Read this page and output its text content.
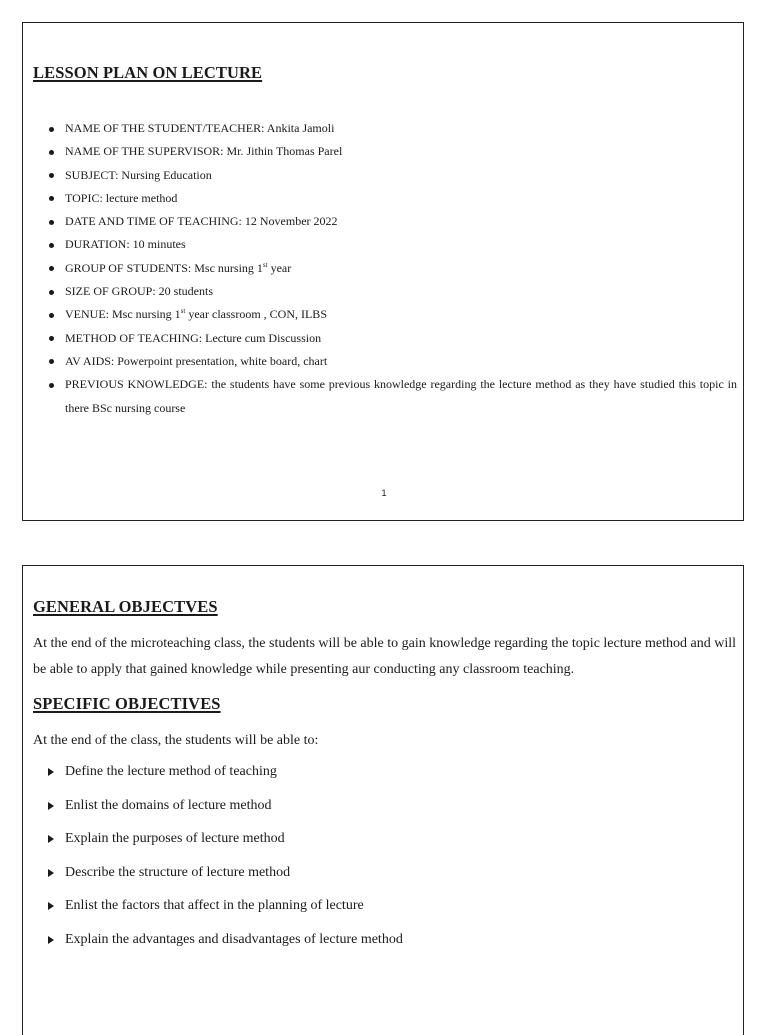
LESSON PLAN ON LECTURE
NAME OF THE STUDENT/TEACHER: Ankita Jamoli
NAME OF THE SUPERVISOR: Mr. Jithin Thomas Parel
SUBJECT: Nursing Education
TOPIC: lecture method
DATE AND TIME OF TEACHING: 12 November 2022
DURATION: 10 minutes
GROUP OF STUDENTS: Msc nursing 1st year
SIZE OF GROUP: 20 students
VENUE: Msc nursing 1st year classroom , CON, ILBS
METHOD OF TEACHING: Lecture cum Discussion
AV AIDS: Powerpoint presentation, white board, chart
PREVIOUS KNOWLEDGE: the students have some previous knowledge regarding the lecture method as they have studied this topic in there BSc nursing course
1
GENERAL OBJECTVES

At the end of the microteaching class, the students will be able to gain knowledge regarding the topic lecture method and will be able to apply that gained knowledge while presenting aur conducting any classroom teaching.

SPECIFIC OBJECTIVES

At the end of the class, the students will be able to:

Define the lecture method of teaching
Enlist the domains of lecture method
Explain the purposes of lecture method
Describe the structure of lecture method
Enlist the factors that affect in the planning of lecture
Explain the advantages and disadvantages of lecture method
